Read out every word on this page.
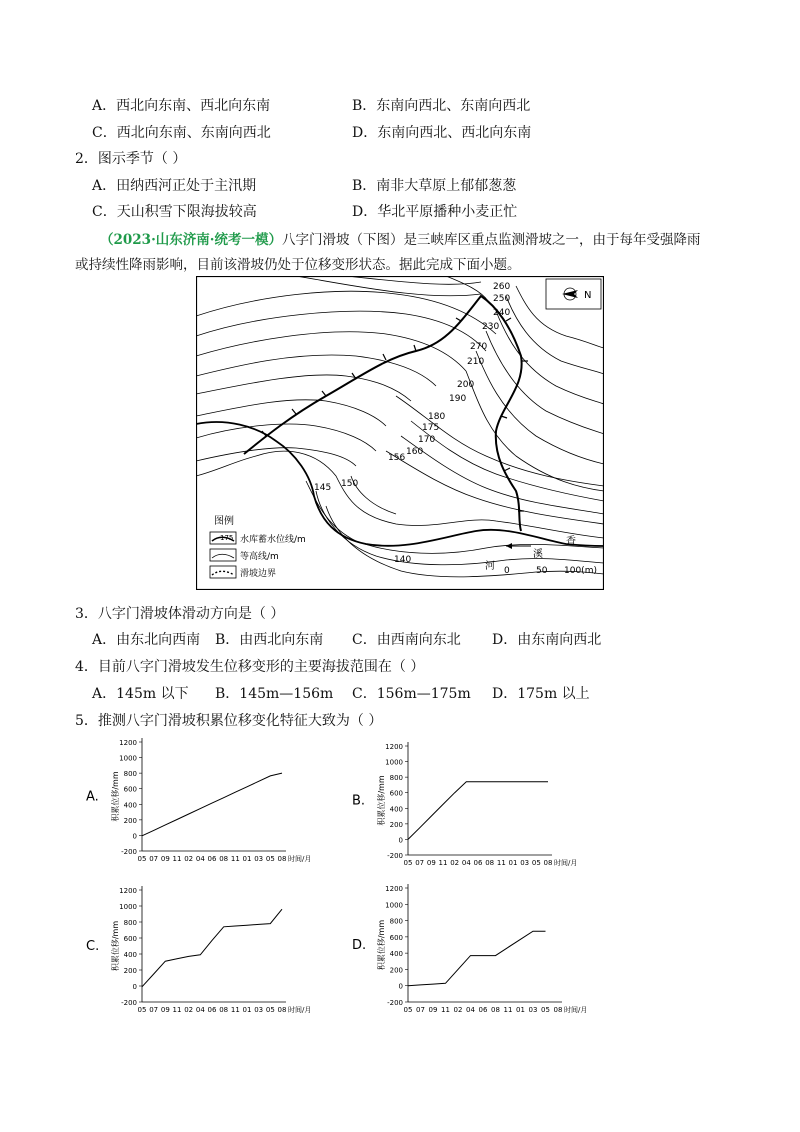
A．西北向东南、西北向东南	B．东南向西北、东南向西北
C．西北向东南、东南向西北	D．东南向西北、西北向东南
2．图示季节（ ）
A．田纳西河正处于主汛期	B．南非大草原上郁郁葱葱
C．天山积雪下限海拔较高	D．华北平原播种小麦正忙
（2023·山东济南·统考一模）八字门滑坡（下图）是三峡库区重点监测滑坡之一，由于每年受强降雨
或持续性降雨影响，目前该滑坡仍处于位移变形状态。据此完成下面小题。
260
250
240
230
270
210
200
190
180
175
170
160
156
150
145
140
N
图例
175 水库蓄水位线/m
等高线/m
滑坡边界
香
溪
河 0	50 100(m)
3．八字门滑坡体滑动方向是（ ）
A．由东北向西南 B．由西北向东南 C．由西南向东北 D．由东南向西北
4．目前八字门滑坡发生位移变形的主要海拔范围在（ ）
A．145m 以下 B．145m—156m C．156m—175m D．175m 以上
5．推测八字门滑坡积累位移变化特征大致为（ ）
A. 积累位移/mm
-200
0
200
400
600
800
1000
1200
05 07 09 11 02 04 06 08 11 01 03 05 08 时间/月
B. 积累位移/mm
-200
0
200
400
600
800
1000
1200
05 07 09 11 02 04 06 08 11 01 03 05 08 时间/月
C. 积累位移/mm
-200
0
200
400
600
800
1000
1200
05 07 09 11 02 04 06 08 11 01 03 05 08 时间/月
D. 积累位移/mm
-200
0
200
400
600
800
1000
1200
05 07 09 11 02 04 06 08 11 01 03 05 08 时间/月
